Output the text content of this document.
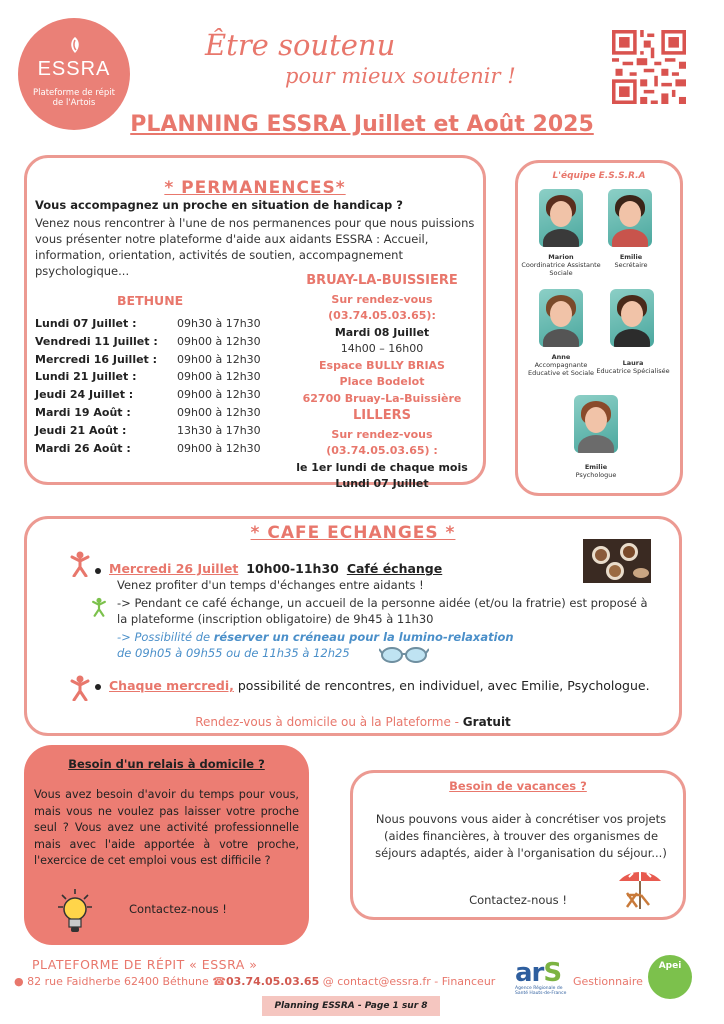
ESSRA
Plateforme de répit de l'Artois
Être soutenu
pour mieux soutenir !
PLANNING ESSRA Juillet et Août 2025
* PERMANENCES*
Vous accompagnez un proche en situation de handicap ?
Venez nous rencontrer à l'une de nos permanences pour que nous puissions vous présenter notre plateforme d'aide aux aidants ESSRA : Accueil, information, orientation, activités de soutien, accompagnement psychologique...
BETHUNE
Lundi 07 Juillet :	09h30 à 17h30
Vendredi 11 Juillet :	09h00 à 12h30
Mercredi 16 Juillet :	09h00 à 12h30
Lundi 21 Juillet :	09h00 à 12h30
Jeudi 24 Juillet :	09h00 à 12h30
Mardi 19 Août :	09h00 à 12h30
Jeudi 21 Août :	13h30 à 17h30
Mardi 26 Août :	09h00 à 12h30
BRUAY-LA-BUISSIERE
Sur rendez-vous (03.74.05.03.65):
Mardi 08 Juillet
14h00 – 16h00
Espace BULLY BRIAS
Place Bodelot
62700 Bruay-La-Buissière
LILLERS
Sur rendez-vous (03.74.05.03.65) :
le 1er lundi de chaque mois
Lundi 07 Juillet
L'équipe E.S.S.R.A
Marion
Coordinatrice Assistante Sociale
Emilie
Secrétaire
Anne
Accompagnante Educative et Sociale
Laura
Educatrice Spécialisée
Emilie
Psychologue
* CAFE ECHANGES *
Mercredi 26 Juillet 10h00-11h30 Café échange
Venez profiter d'un temps d'échanges entre aidants !
-> Pendant ce café échange, un accueil de la personne aidée (et/ou la fratrie) est proposé à la plateforme (inscription obligatoire) de 9h45 à 11h30
-> Possibilité de réserver un créneau pour la lumino-relaxation
de 09h05 à 09h55 ou de 11h35 à 12h25
Chaque mercredi, possibilité de rencontres, en individuel, avec Emilie, Psychologue.
Rendez-vous à domicile ou à la Plateforme - Gratuit
Besoin d'un relais à domicile ?
Vous avez besoin d'avoir du temps pour vous, mais vous ne voulez pas laisser votre proche seul ? Vous avez une activité professionnelle mais avec l'aide apportée à votre proche, l'exercice de cet emploi vous est difficile ?
Contactez-nous !
Besoin de vacances ?
Nous pouvons vous aider à concrétiser vos projets (aides financières, à trouver des organismes de séjours adaptés, aider à l'organisation du séjour...)
Contactez-nous !
PLATEFORME DE RÉPIT « ESSRA »
● 82 rue Faidherbe 62400 Béthune ☎03.74.05.03.65 @ contact@essra.fr - Financeur arS
Agence Régionale de Santé Hauts-de-France
Gestionnaire
Apei
Planning ESSRA - Page 1 sur 8
